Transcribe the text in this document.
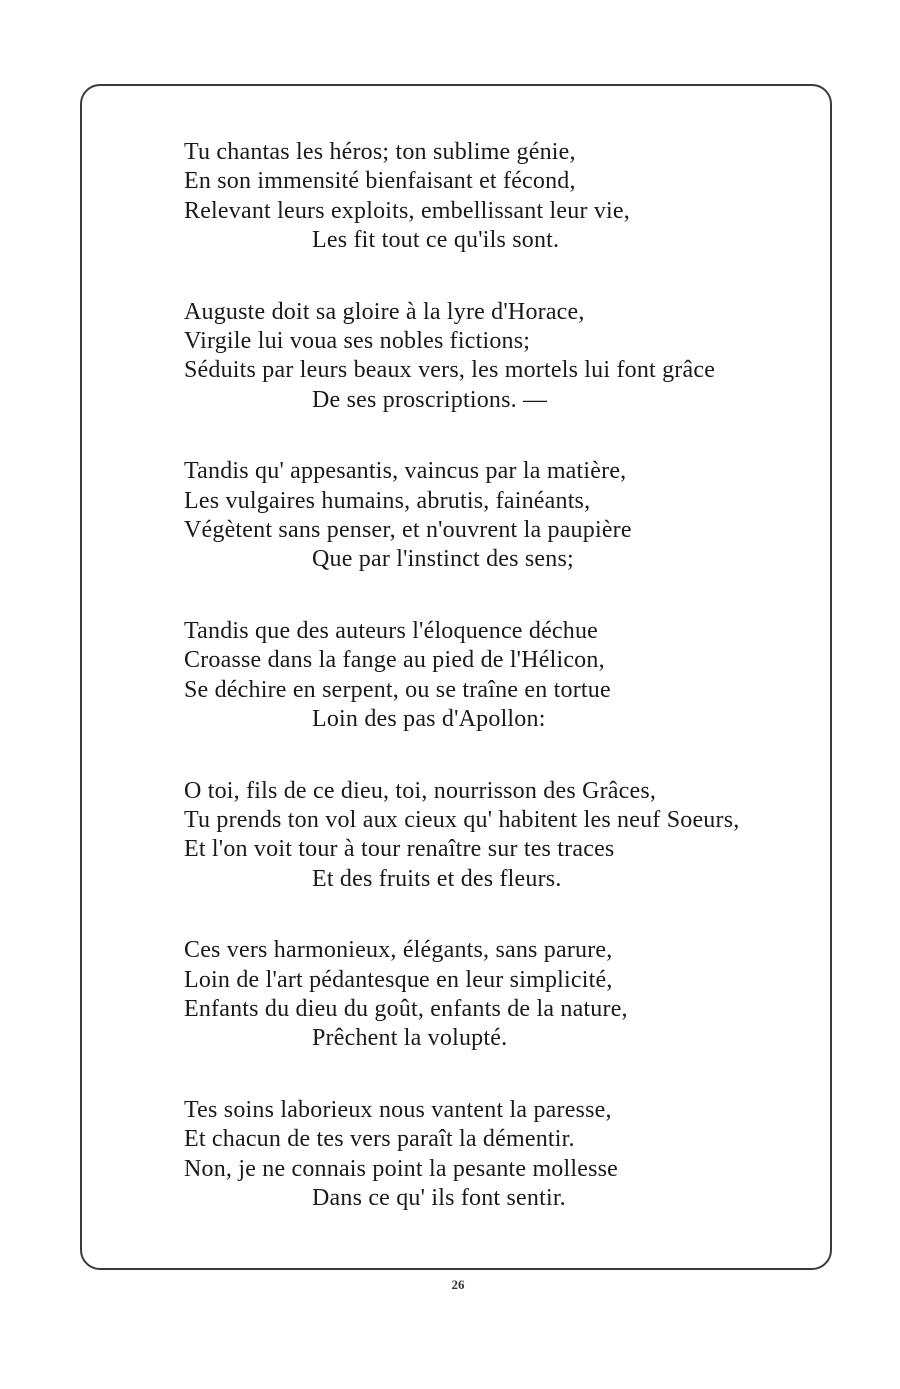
Tu chantas les héros; ton sublime génie,
En son immensité bienfaisant et fécond,
Relevant leurs exploits, embellissant leur vie,
Les fit tout ce qu'ils sont.
Auguste doit sa gloire à la lyre d'Horace,
Virgile lui voua ses nobles fictions;
Séduits par leurs beaux vers, les mortels lui font grâce
De ses proscriptions. —
Tandis qu' appesantis, vaincus par la matière,
Les vulgaires humains, abrutis, fainéants,
Végètent sans penser, et n'ouvrent la paupière
Que par l'instinct des sens;
Tandis que des auteurs l'éloquence déchue
Croasse dans la fange au pied de l'Hélicon,
Se déchire en serpent, ou se traîne en tortue
Loin des pas d'Apollon:
O toi, fils de ce dieu, toi, nourrisson des Grâces,
Tu prends ton vol aux cieux qu' habitent les neuf Soeurs,
Et l'on voit tour à tour renaître sur tes traces
Et des fruits et des fleurs.
Ces vers harmonieux, élégants, sans parure,
Loin de l'art pédantesque en leur simplicité,
Enfants du dieu du goût, enfants de la nature,
Prêchent la volupté.
Tes soins laborieux nous vantent la paresse,
Et chacun de tes vers paraît la démentir.
Non, je ne connais point la pesante mollesse
Dans ce qu' ils font sentir.
26
